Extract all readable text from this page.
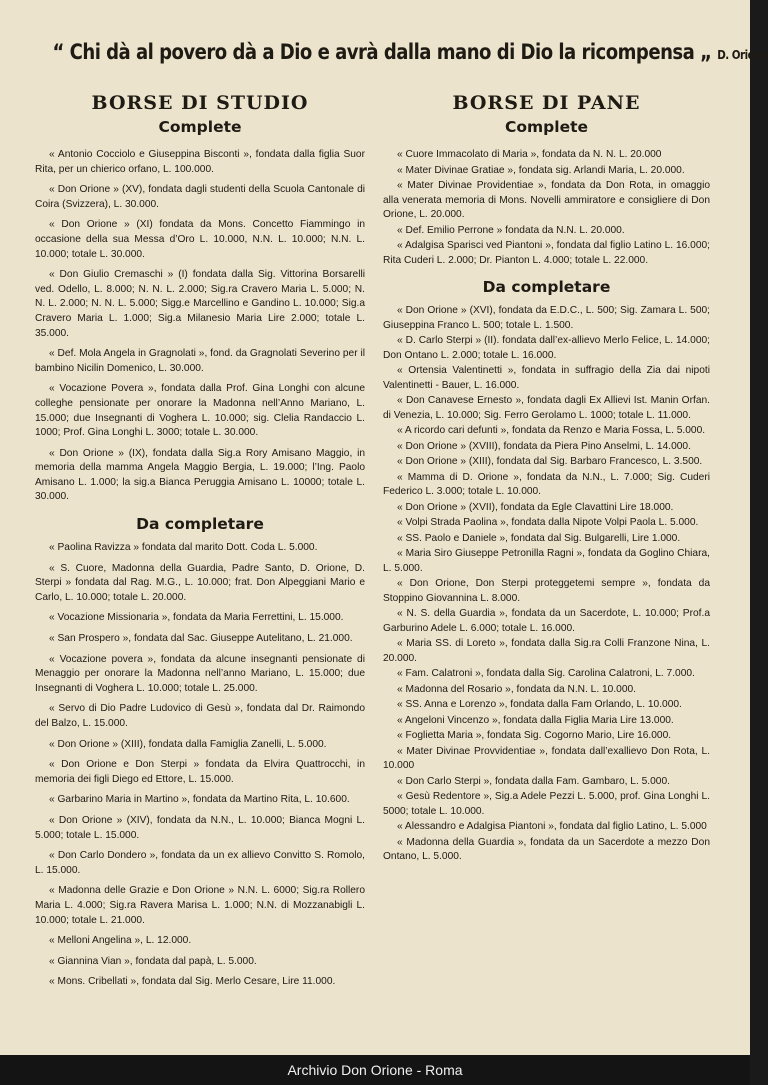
“ Chi dà al povero dà a Dio e avrà dalla mano di Dio la ricompensa „ D. Orione
BORSE DI STUDIO
Complete

« Antonio Cocciolo e Giuseppina Bisconti », fondata dalla figlia Suor Rita, per un chierico orfano, L. 100.000.

« Don Orione » (XV), fondata dagli studenti della Scuola Cantonale di Coira (Svizzera), L. 30.000.

« Don Orione » (XI) fondata da Mons. Concetto Fiammingo in occasione della sua Messa d’Oro L. 10.000, N.N. L. 10.000; N.N. L. 10.000; totale L. 30.000.

« Don Giulio Cremaschi » (I) fondata dalla Sig. Vittorina Borsarelli ved. Odello, L. 8.000; N. N. L. 2.000; Sig.ra Cravero Maria L. 5.000; N. N. L. 2.000; N. N. L. 5.000; Sigg.e Marcellino e Gandino L. 10.000; Sig.a Cravero Maria L. 1.000; Sig.a Milanesio Maria Lire 2.000; totale L. 35.000.

« Def. Mola Angela in Gragnolati », fond. da Gragnolati Severino per il bambino Nicilin Domenico, L. 30.000.

« Vocazione Povera », fondata dalla Prof. Gina Longhi con alcune colleghe pensionate per onorare la Madonna nell’Anno Mariano, L. 15.000; due Insegnanti di Voghera L. 10.000; sig. Clelia Randaccio L. 1000; Prof. Gina Longhi L. 3000; totale L. 30.000.

« Don Orione » (IX), fondata dalla Sig.a Rory Amisano Maggio, in memoria della mamma Angela Maggio Bergia, L. 19.000; l’Ing. Paolo Amisano L. 1.000; la sig.a Bianca Peruggia Amisano L. 10000; totale L. 30.000.

Da completare

« Paolina Ravizza » fondata dal marito Dott. Coda L. 5.000.

« S. Cuore, Madonna della Guardia, Padre Santo, D. Orione, D. Sterpi » fondata dal Rag. M.G., L. 10.000; frat. Don Alpeggiani Mario e Carlo, L. 10.000; totale L. 20.000.

« Vocazione Missionaria », fondata da Maria Ferrettini, L. 15.000.

« San Prospero », fondata dal Sac. Giuseppe Autelitano, L. 21.000.

« Vocazione povera », fondata da alcune insegnanti pensionate di Menaggio per onorare la Madonna nell’anno Mariano, L. 15.000; due Insegnanti di Voghera L. 10.000; totale L. 25.000.

« Servo di Dio Padre Ludovico di Gesù », fondata dal Dr. Raimondo del Balzo, L. 15.000.

« Don Orione » (XIII), fondata dalla Famiglia Zanelli, L. 5.000.

« Don Orione e Don Sterpi » fondata da Elvira Quattrocchi, in memoria dei figli Diego ed Ettore, L. 15.000.

« Garbarino Maria in Martino », fondata da Martino Rita, L. 10.600.

« Don Orione » (XIV), fondata da N.N., L. 10.000; Bianca Mogni L. 5.000; totale L. 15.000.

« Don Carlo Dondero », fondata da un ex allievo Convitto S. Romolo, L. 15.000.

« Madonna delle Grazie e Don Orione » N.N. L. 6000; Sig.ra Rollero Maria L. 4.000; Sig.ra Ravera Marisa L. 1.000; N.N. di Mozzanabigli L. 10.000; totale L. 21.000.

« Melloni Angelina », L. 12.000.

« Giannina Vian », fondata dal papà, L. 5.000.

« Mons. Cribellati », fondata dal Sig. Merlo Cesare, Lire 11.000.

BORSE DI PANE
Complete

« Cuore Immacolato di Maria », fondata da N. N. L. 20.000

« Mater Divinae Gratiae », fondata sig. Arlandi Maria, L. 20.000.

« Mater Divinae Providentiae », fondata da Don Rota, in omaggio alla venerata memoria di Mons. Novelli ammiratore e consigliere di Don Orione, L. 20.000.

« Def. Emilio Perrone » fondata da N.N. L. 20.000.

« Adalgisa Sparisci ved Piantoni », fondata dal figlio Latino L. 16.000; Rita Cuderi L. 2.000; Dr. Pianton L. 4.000; totale L. 22.000.

Da completare

« Don Orione » (XVI), fondata da E.D.C., L. 500; Sig. Zamara L. 500; Giuseppina Franco L. 500; totale L. 1.500.

« D. Carlo Sterpi » (II). fondata dall’ex-allievo Merlo Felice, L. 14.000; Don Ontano L. 2.000; totale L. 16.000.

« Ortensia Valentinetti », fondata in suffragio della Zia dai nipoti Valentinetti - Bauer, L. 16.000.

« Don Canavese Ernesto », fondata dagli Ex Allievi Ist. Manin Orfan. di Venezia, L. 10.000; Sig. Ferro Gerolamo L. 1000; totale L. 11.000.

« A ricordo cari defunti », fondata da Renzo e Maria Fossa, L. 5.000.

« Don Orione » (XVIII), fondata da Piera Pino Anselmi, L. 14.000.

« Don Orione » (XIII), fondata dal Sig. Barbaro Francesco, L. 3.500.

« Mamma di D. Orione », fondata da N.N., L. 7.000; Sig. Cuderi Federico L. 3.000; totale L. 10.000.

« Don Orione » (XVII), fondata da Egle Clavattini Lire 18.000.

« Volpi Strada Paolina », fondata dalla Nipote Volpi Paola L. 5.000.

« SS. Paolo e Daniele », fondata dal Sig. Bulgarelli, Lire 1.000.

« Maria Siro Giuseppe Petronilla Ragni », fondata da Goglino Chiara, L. 5.000.

« Don Orione, Don Sterpi proteggetemi sempre », fondata da Stoppino Giovannina L. 8.000.

« N. S. della Guardia », fondata da un Sacerdote, L. 10.000; Prof.a Garburino Adele L. 6.000; totale L. 16.000.

« Maria SS. di Loreto », fondata dalla Sig.ra Colli Franzone Nina, L. 20.000.

« Fam. Calatroni », fondata dalla Sig. Carolina Calatroni, L. 7.000.

« Madonna del Rosario », fondata da N.N. L. 10.000.

« SS. Anna e Lorenzo », fondata dalla Fam Orlando, L. 10.000.

« Angeloni Vincenzo », fondata dalla Figlia Maria Lire 13.000.

« Foglietta Maria », fondata Sig. Cogorno Mario, Lire 16.000.

« Mater Divinae Provvidentiae », fondata dall’exallievo Don Rota, L. 10.000

« Don Carlo Sterpi », fondata dalla Fam. Gambaro, L. 5.000.

« Gesù Redentore », Sig.a Adele Pezzi L. 5.000, prof. Gina Longhi L. 5000; totale L. 10.000.

« Alessandro e Adalgisa Piantoni », fondata dal figlio Latino, L. 5.000

« Madonna della Guardia », fondata da un Sacerdote a mezzo Don Ontano, L. 5.000.

Archivio Don Orione - Roma
